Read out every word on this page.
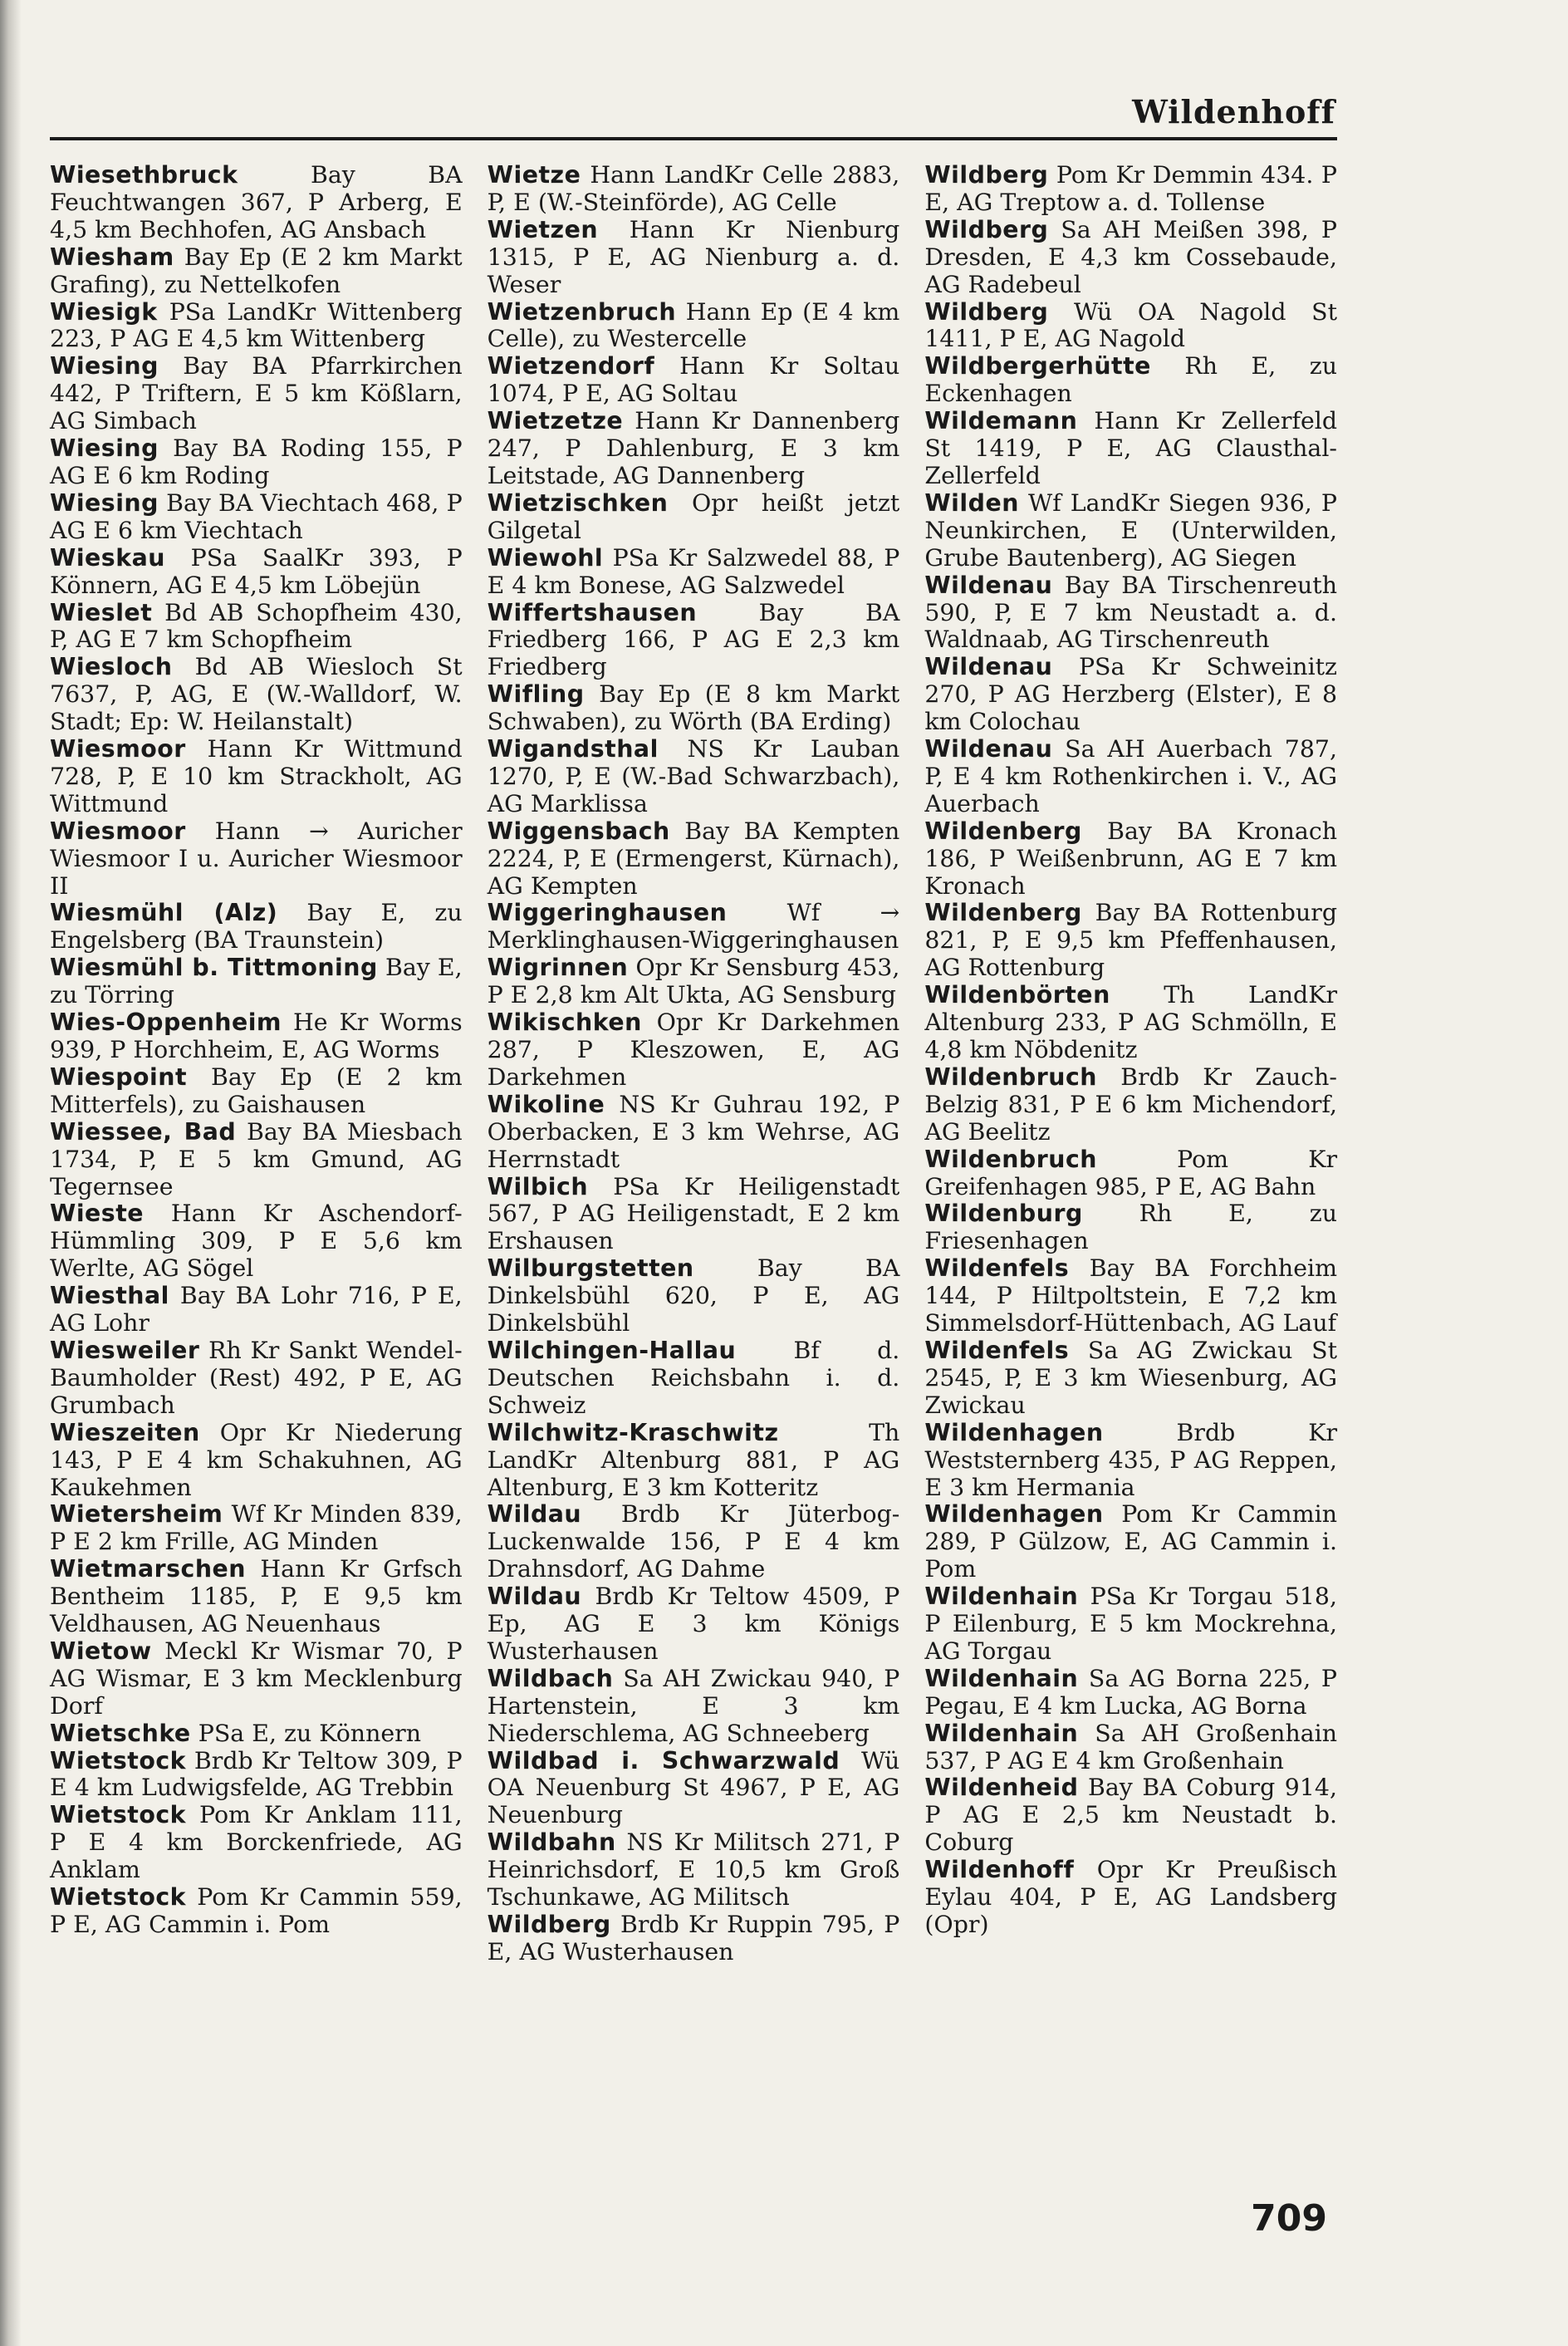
Wildenhoff

Wiesethbruck	Bay BA Feuchtwangen 367, P Arberg, E 4,5 km Bechhofen, AG Ansbach

Wiesham Bay Ep (E 2 km Markt Grafing), zu Nettelkofen

Wiesigk PSa LandKr Wittenberg 223, P AG E 4,5 km Wittenberg

Wiesing Bay BA Pfarrkirchen 442, P Triftern, E 5 km Kößlarn, AG Simbach

Wiesing Bay BA Roding 155, P AG E 6 km Roding

Wiesing Bay BA Viechtach 468, P AG E 6 km Viechtach

Wieskau PSa SaalKr 393, P Könnern, AG E 4,5 km Löbejün

Wieslet Bd AB Schopfheim 430, P, AG E 7 km Schopfheim

Wiesloch Bd AB Wiesloch St 7637, P, AG, E (W.-Walldorf, W. Stadt; Ep: W. Heilanstalt)

Wiesmoor Hann Kr Wittmund 728, P, E 10 km Strackholt, AG Wittmund

Wiesmoor Hann → Auricher Wiesmoor I u. Auricher Wiesmoor II

Wiesmühl (Alz) Bay E, zu Engelsberg (BA Traunstein)

Wiesmühl b. Tittmoning Bay E, zu Törring

Wies-Oppenheim He Kr Worms 939, P Horchheim, E, AG Worms

Wiespoint Bay Ep (E 2 km Mitterfels), zu Gaishausen

Wiessee, Bad Bay BA Miesbach 1734, P, E 5 km Gmund, AG Tegernsee

Wieste Hann Kr Aschendorf-Hümmling 309, P E 5,6 km Werlte, AG Sögel

Wiesthal Bay BA Lohr 716, P E, AG Lohr

Wiesweiler Rh Kr Sankt Wendel-Baumholder (Rest) 492, P E, AG Grumbach

Wieszeiten Opr Kr Niederung 143, P E 4 km Schakuhnen, AG Kaukehmen

Wietersheim Wf Kr Minden 839, P E 2 km Frille, AG Minden

Wietmarschen Hann Kr Grfsch Bentheim 1185, P, E 9,5 km Veldhausen, AG Neuenhaus

Wietow Meckl Kr Wismar 70, P AG Wismar, E 3 km Mecklenburg Dorf

Wietschke PSa E, zu Könnern

Wietstock Brdb Kr Teltow 309, P E 4 km Ludwigsfelde, AG Trebbin

Wietstock Pom Kr Anklam 111, P E 4 km Borckenfriede, AG Anklam

Wietstock Pom Kr Cammin 559, P E, AG Cammin i. Pom

Wietze Hann LandKr Celle 2883, P, E (W.-Steinförde), AG Celle

Wietzen Hann Kr Nienburg 1315, P E, AG Nienburg a. d. Weser

Wietzenbruch Hann Ep (E 4 km Celle), zu Westercelle

Wietzendorf Hann Kr Soltau 1074, P E, AG Soltau

Wietzetze Hann Kr Dannenberg 247, P Dahlenburg, E 3 km Leitstade, AG Dannenberg

Wietzischken Opr heißt jetzt Gilgetal

Wiewohl PSa Kr Salzwedel 88, P E 4 km Bonese, AG Salzwedel

Wiffertshausen	Bay BA Friedberg 166, P AG E 2,3 km Friedberg

Wifling Bay Ep (E 8 km Markt Schwaben), zu Wörth (BA Erding)

Wigandsthal NS Kr Lauban 1270, P, E (W.-Bad Schwarzbach), AG Marklissa

Wiggensbach Bay BA Kempten 2224, P, E (Ermengerst, Kürnach), AG Kempten

Wiggeringhausen	Wf → Merklinghausen-Wiggeringhausen

Wigrinnen Opr Kr Sensburg 453, P E 2,8 km Alt Ukta, AG Sensburg

Wikischken Opr Kr Darkehmen 287, P Kleszowen, E, AG Darkehmen

Wikoline NS Kr Guhrau 192, P Oberbacken, E 3 km Wehrse, AG Herrnstadt

Wilbich PSa Kr Heiligenstadt 567, P AG Heiligenstadt, E 2 km Ershausen

Wilburgstetten	Bay BA Dinkelsbühl 620, P E, AG Dinkelsbühl

Wilchingen-Hallau Bf d. Deutschen Reichsbahn i. d. Schweiz

Wilchwitz-Kraschwitz	Th LandKr Altenburg 881, P AG Altenburg, E 3 km Kotteritz

Wildau Brdb Kr Jüterbog-Luckenwalde 156, P E 4 km Drahnsdorf, AG Dahme

Wildau Brdb Kr Teltow 4509, P Ep, AG E 3 km Königs Wusterhausen

Wildbach Sa AH Zwickau 940, P Hartenstein, E 3 km Niederschlema, AG Schneeberg

Wildbad i. Schwarzwald Wü OA Neuenburg St 4967, P E, AG Neuenburg

Wildbahn NS Kr Militsch 271, P Heinrichsdorf, E 10,5 km Groß Tschunkawe, AG Militsch

Wildberg Brdb Kr Ruppin 795, P E, AG Wusterhausen

Wildberg Pom Kr Demmin 434. P E, AG Treptow a. d. Tollense

Wildberg Sa AH Meißen 398, P Dresden, E 4,3 km Cossebaude, AG Radebeul

Wildberg Wü OA Nagold St 1411, P E, AG Nagold

Wildbergerhütte Rh E, zu Eckenhagen

Wildemann Hann Kr Zellerfeld St 1419, P E, AG Clausthal-Zellerfeld

Wilden Wf LandKr Siegen 936, P Neunkirchen, E (Unterwilden, Grube Bautenberg), AG Siegen

Wildenau Bay BA Tirschenreuth 590, P, E 7 km Neustadt a. d. Waldnaab, AG Tirschenreuth

Wildenau PSa Kr Schweinitz 270, P AG Herzberg (Elster), E 8 km Colochau

Wildenau Sa AH Auerbach 787, P, E 4 km Rothenkirchen i. V., AG Auerbach

Wildenberg Bay BA Kronach 186, P Weißenbrunn, AG E 7 km Kronach

Wildenberg Bay BA Rottenburg 821, P, E 9,5 km Pfeffenhausen, AG Rottenburg

Wildenbörten Th LandKr Altenburg 233, P AG Schmölln, E 4,8 km Nöbdenitz

Wildenbruch Brdb Kr Zauch-Belzig 831, P E 6 km Michendorf, AG Beelitz

Wildenbruch	Pom Kr Greifenhagen 985, P E, AG Bahn

Wildenburg Rh E, zu Friesenhagen

Wildenfels Bay BA Forchheim 144, P Hiltpoltstein, E 7,2 km Simmelsdorf-Hüttenbach, AG Lauf

Wildenfels Sa AG Zwickau St 2545, P, E 3 km Wiesenburg, AG Zwickau

Wildenhagen	Brdb Kr Weststernberg 435, P AG Reppen, E 3 km Hermania

Wildenhagen Pom Kr Cammin 289, P Gülzow, E, AG Cammin i. Pom

Wildenhain PSa Kr Torgau 518, P Eilenburg, E 5 km Mockrehna, AG Torgau

Wildenhain Sa AG Borna 225, P Pegau, E 4 km Lucka, AG Borna

Wildenhain Sa AH Großenhain 537, P AG E 4 km Großenhain

Wildenheid Bay BA Coburg 914, P AG E 2,5 km Neustadt b. Coburg

Wildenhoff Opr Kr Preußisch Eylau 404, P E, AG Landsberg (Opr)

709
